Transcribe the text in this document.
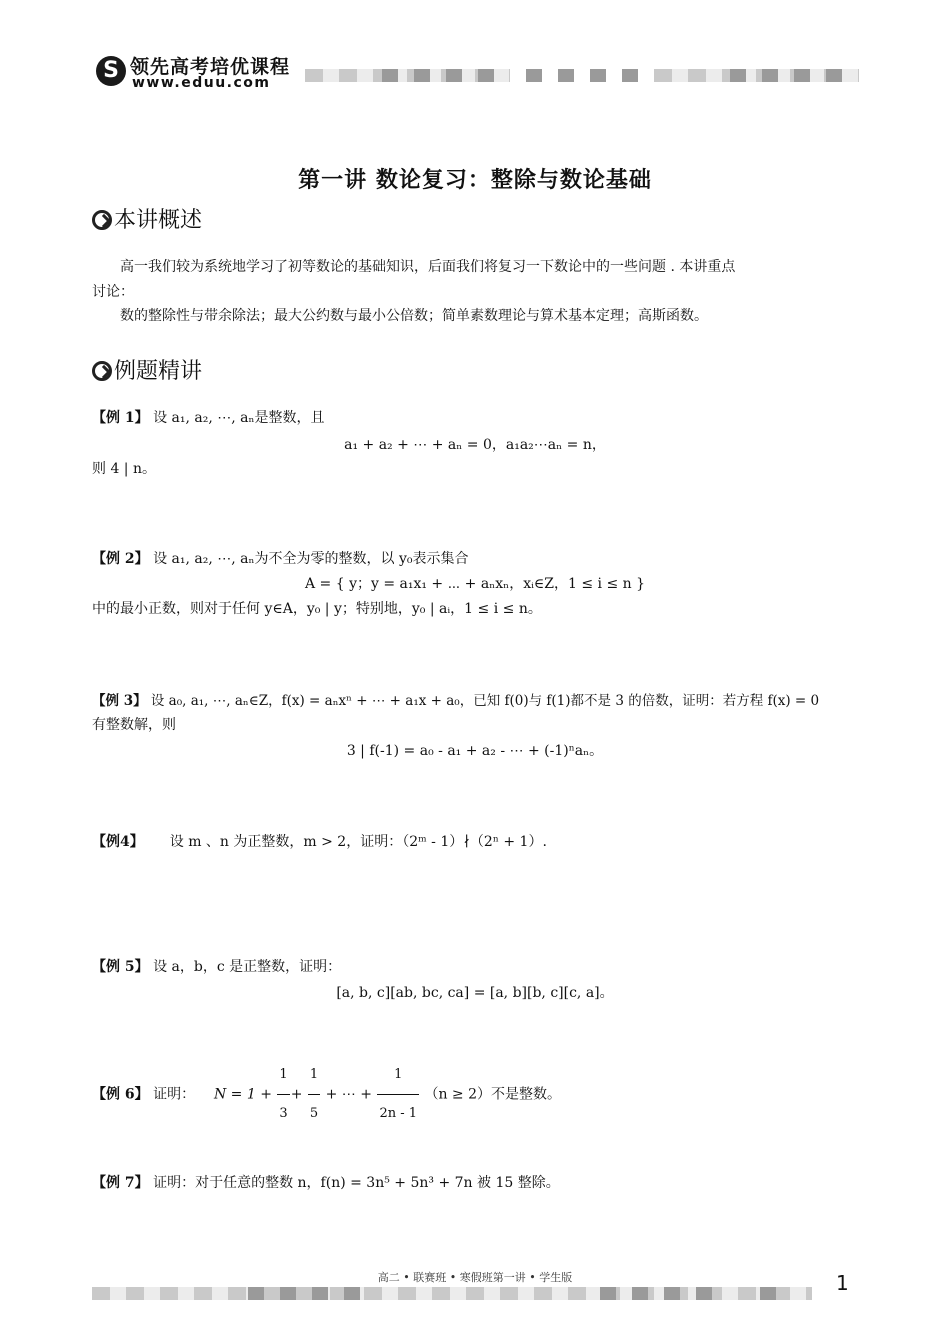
S 领先高考培优课程
www.eduu.com
第一讲 数论复习：整除与数论基础
本讲概述
高一我们较为系统地学习了初等数论的基础知识，后面我们将复习一下数论中的一些问题 . 本讲重点
讨论：
数的整除性与带余除法；最大公约数与最小公倍数；简单素数理论与算术基本定理；高斯函数。
例题精讲
【例 1】 设 a₁, a₂, ⋯, aₙ是整数，且
a₁ + a₂ + ⋯ + aₙ = 0，a₁a₂⋯aₙ = n，
则 4 | n。
【例 2】 设 a₁, a₂, ⋯, aₙ为不全为零的整数，以 y₀表示集合
A = { y；y = a₁x₁ + ⋯ + aₙxₙ，xᵢ∈Z，1 ≤ i ≤ n }
中的最小正数，则对于任何 y∈A，y₀ | y；特别地，y₀ | aᵢ，1 ≤ i ≤ n。
【例 3】 设 a₀, a₁, ⋯, aₙ∈Z，f(x) = aₙxⁿ + ⋯ + a₁x + a₀，已知 f(0)与 f(1)都不是 3 的倍数，证明：若方程 f(x) = 0
有整数解，则
3 | f(-1) = a₀ - a₁ + a₂ - ⋯ + (-1)ⁿaₙ。
【例4】 设 m 、n 为正整数，m > 2，证明：（2ᵐ - 1）∤（2ⁿ + 1）.
【例 5】 设 a，b，c 是正整数，证明：
[a, b, c][ab, bc, ca] = [a, b][b, c][c, a]。
【例 6】 证明： $N = 1 + \frac{1}{3} + \frac{1}{5}$ + ⋯ + $\frac{1}{2n - 1} (n \ge 2)$不是整数。
【例 7】 证明：对于任意的整数 n，f(n) = 3n⁵ + 5n³ + 7n 被 15 整除。
高二 • 联赛班 • 寒假班第一讲 • 学生版	1
